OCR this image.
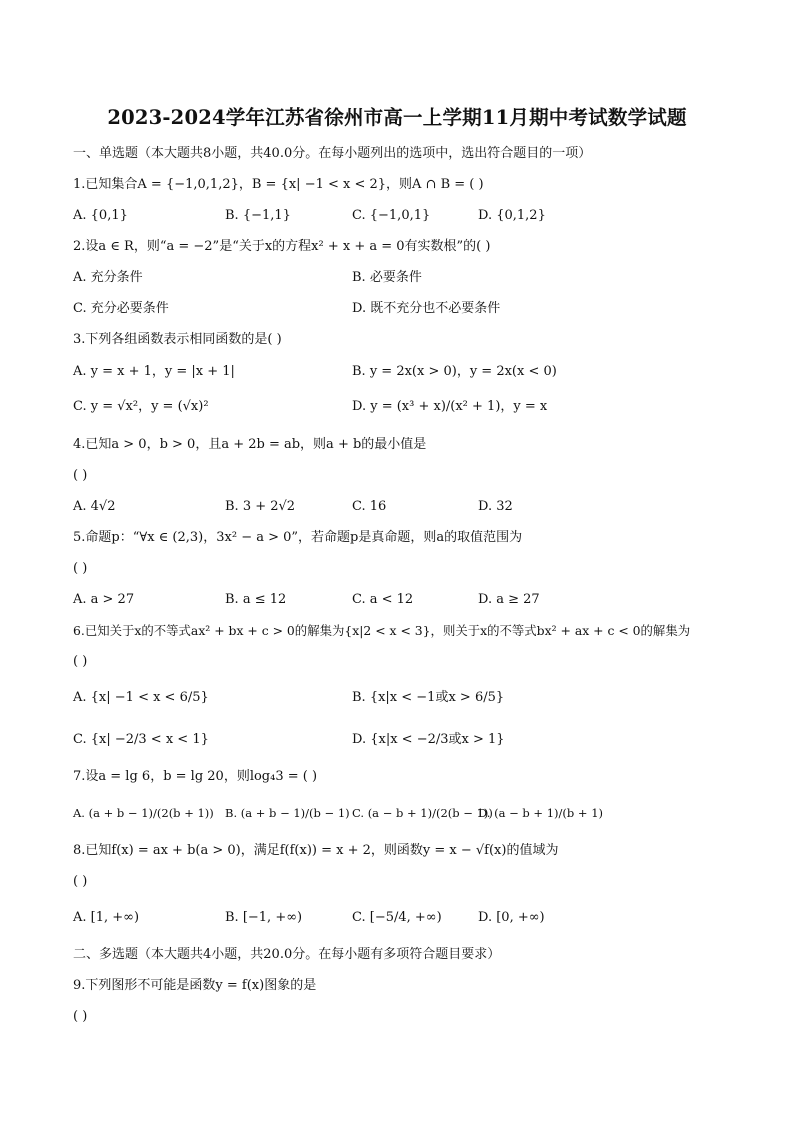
2023-2024学年江苏省徐州市高一上学期11月期中考试数学试题
一、单选题（本大题共8小题，共40.0分。在每小题列出的选项中，选出符合题目的一项）
1.已知集合A = {−1,0,1,2}，B = {x| −1 < x < 2}，则A ∩ B = ( )
A. {0,1}	B. {−1,1}	C. {−1,0,1}	D. {0,1,2}
2.设a ∈ R，则“a = −2”是“关于x的方程x² + x + a = 0有实数根”的( )
A. 充分条件	B. 必要条件
C. 充分必要条件	D. 既不充分也不必要条件
3.下列各组函数表示相同函数的是( )
A. y = x + 1，y = |x + 1|	B. y = 2x(x > 0)，y = 2x(x < 0)
C. y = √x²，y = (√x)²	D. y = (x³ + x)/(x² + 1)，y = x
4.已知a > 0，b > 0，且a + 2b = ab，则a + b的最小值是
( )
A. 4√2	B. 3 + 2√2	C. 16	D. 32
5.命题p：“∀x ∈ (2,3)，3x² − a > 0”，若命题p是真命题，则a的取值范围为
( )
A. a > 27	B. a ≤ 12	C. a < 12	D. a ≥ 27
6.已知关于x的不等式ax² + bx + c > 0的解集为{x|2 < x < 3}，则关于x的不等式bx² + ax + c < 0的解集为
( )
A. {x| −1 < x < 6/5}	B. {x|x < −1或x > 6/5}
C. {x| −2/3 < x < 1}	D. {x|x < −2/3或x > 1}
7.设a = lg 6，b = lg 20，则log₄3 = ( )
A. (a + b − 1)/(2(b + 1)) B. (a + b − 1)/(b − 1) C. (a − b + 1)/(2(b − 1))
D. (a − b + 1)/(b + 1)
8.已知f(x) = ax + b(a > 0)，满足f(f(x)) = x + 2，则函数y = x − √f(x)的值域为
( )
A. [1, +∞)	B. [−1, +∞)	C. [−5/4, +∞)	D. [0, +∞)
二、多选题（本大题共4小题，共20.0分。在每小题有多项符合题目要求）
9.下列图形不可能是函数y = f(x)图象的是
( )
